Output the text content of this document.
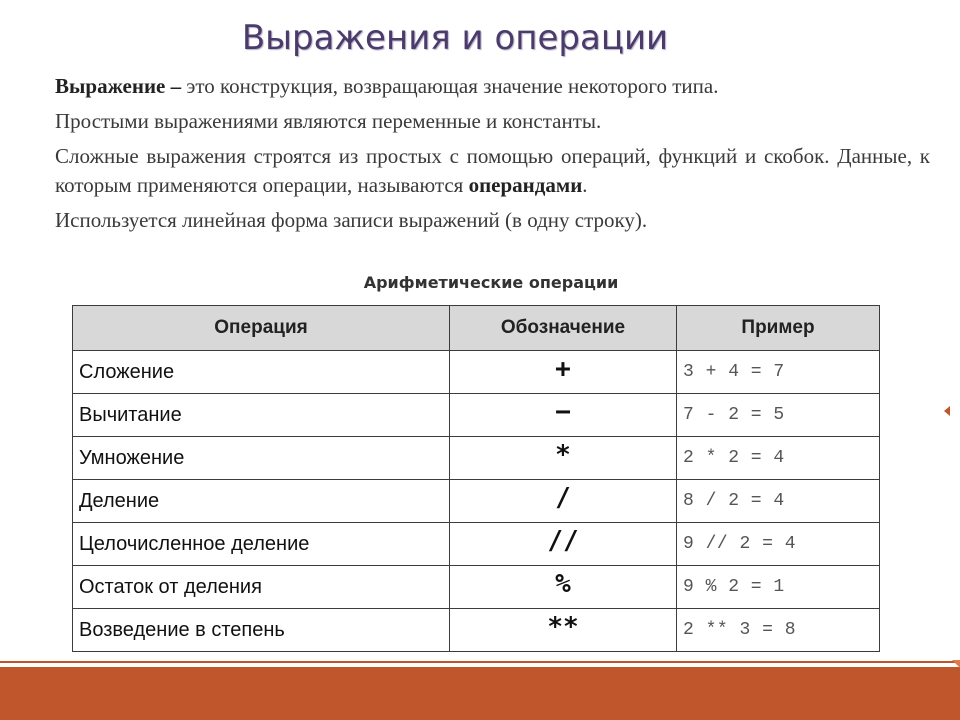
Выражения и операции

Выражение – это конструкция, возвращающая значение некоторого типа.

Простыми выражениями являются переменные и константы.

Сложные выражения строятся из простых с помощью операций, функций и скобок. Данные, к которым применяются операции, называются операндами.

Используется линейная форма записи выражений (в одну строку).

Арифметические операции
Операция	Обозначение	Пример
Сложение	+	3 + 4 = 7
Вычитание	−	7 - 2 = 5
Умножение	*	2 * 2 = 4
Деление	/	8 / 2 = 4
Целочисленное деление	//	9 // 2 = 4
Остаток от деления	%	9 % 2 = 1
Возведение в степень	**	2 ** 3 = 8
